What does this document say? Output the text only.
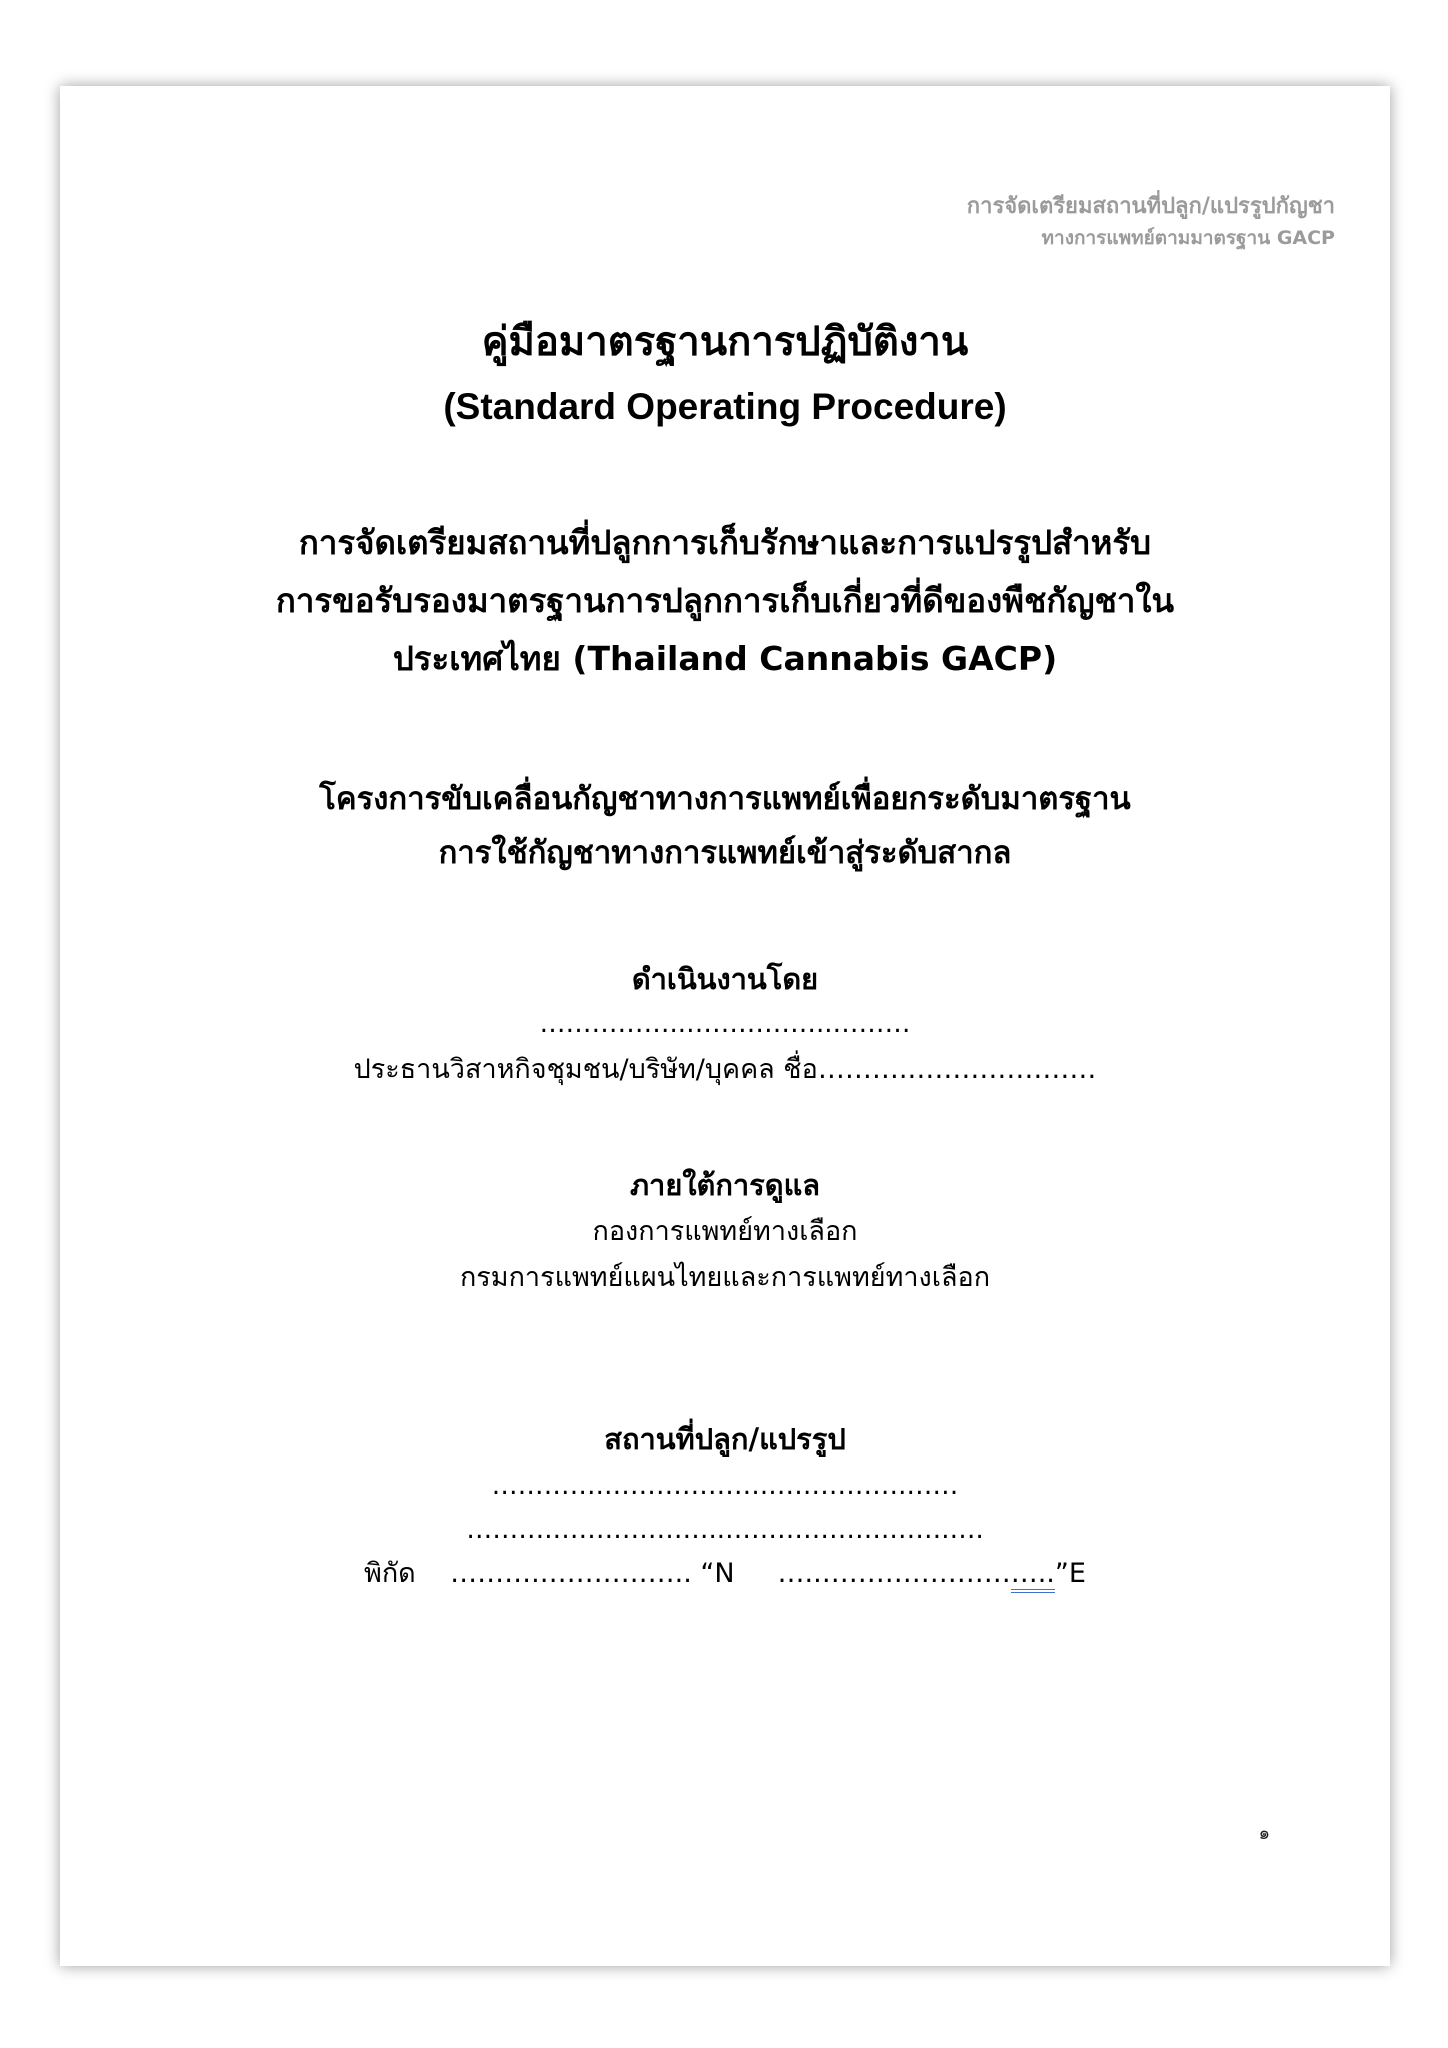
การจัดเตรียมสถานที่ปลูก/แปรรูปกัญชา
ทางการแพทย์ตามมาตรฐาน GACP
คู่มือมาตรฐานการปฏิบัติงาน
(Standard Operating Procedure)
การจัดเตรียมสถานที่ปลูกการเก็บรักษาและการแปรรูปสำหรับ
การขอรับรองมาตรฐานการปลูกการเก็บเกี่ยวที่ดีของพืชกัญชาใน
ประเทศไทย (Thailand Cannabis GACP)
โครงการขับเคลื่อนกัญชาทางการแพทย์เพื่อยกระดับมาตรฐาน
การใช้กัญชาทางการแพทย์เข้าสู่ระดับสากล
ดำเนินงานโดย
……………..……………..………
ประธานวิสาหกิจชุมชน/บริษัท/บุคคล ชื่อ……….…………………
ภายใต้การดูแล
กองการแพทย์ทางเลือก
กรมการแพทย์แผนไทยและการแพทย์ทางเลือก
สถานที่ปลูก/แปรรูป
………….……………….…………….……
……….………………..……………….…….….
พิกัด ……….…………….. “N …..……………………..”E
๑
